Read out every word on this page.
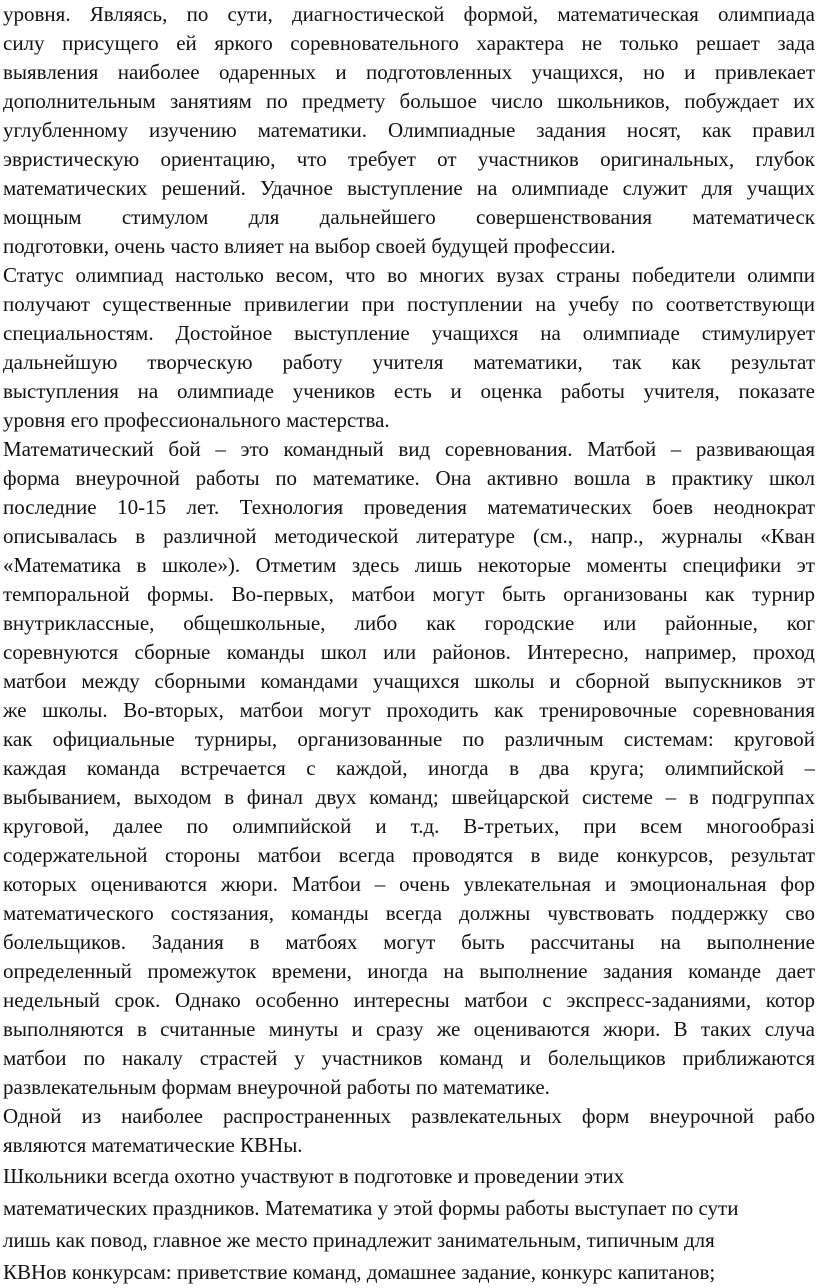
уровня. Являясь, по сути, диагностической формой, математическая олимпиада
силу присущего ей яркого соревновательного характера не только решает зада
выявления наиболее одаренных и подготовленных учащихся, но и привлекает
дополнительным занятиям по предмету большое число школьников, побуждает их
углубленному изучению математики. Олимпиадные задания носят, как правил
эвристическую ориентацию, что требует от участников оригинальных, глубок
математических решений. Удачное выступление на олимпиаде служит для учащих
мощным стимулом для дальнейшего совершенствования математическ
подготовки, очень часто влияет на выбор своей будущей профессии.
Статус олимпиад настолько весом, что во многих вузах страны победители олимпи
получают существенные привилегии при поступлении на учебу по соответствующи
специальностям. Достойное выступление учащихся на олимпиаде стимулирует
дальнейшую творческую работу учителя математики, так как результат
выступления на олимпиаде учеников есть и оценка работы учителя, показате
уровня его профессионального мастерства.
Математический бой – это командный вид соревнования. Матбой – развивающая
форма внеурочной работы по математике. Она активно вошла в практику школ
последние 10-15 лет. Технология проведения математических боев неоднократ
описывалась в различной методической литературе (см., напр., журналы «Кван
«Математика в школе»). Отметим здесь лишь некоторые моменты специфики эт
темпоральной формы. Во-первых, матбои могут быть организованы как турнир
внутриклассные, общешкольные, либо как городские или районные, ког
соревнуются сборные команды школ или районов. Интересно, например, проход
матбои между сборными командами учащихся школы и сборной выпускников эт
же школы. Во-вторых, матбои могут проходить как тренировочные соревнования
как официальные турниры, организованные по различным системам: круговой
каждая команда встречается с каждой, иногда в два круга; олимпийской –
выбыванием, выходом в финал двух команд; швейцарской системе – в подгруппах
круговой, далее по олимпийской и т.д. В-третьих, при всем многообразі
содержательной стороны матбои всегда проводятся в виде конкурсов, результат
которых оцениваются жюри. Матбои – очень увлекательная и эмоциональная фор
математического состязания, команды всегда должны чувствовать поддержку сво
болельщиков. Задания в матбоях могут быть рассчитаны на выполнение
определенный промежуток времени, иногда на выполнение задания команде дает
недельный срок. Однако особенно интересны матбои с экспресс-заданиями, котор
выполняются в считанные минуты и сразу же оцениваются жюри. В таких случа
матбои по накалу страстей у участников команд и болельщиков приближаются
развлекательным формам внеурочной работы по математике.
Одной из наиболее распространенных развлекательных форм внеурочной рабо
являются математические КВНы.
Школьники всегда охотно участвуют в подготовке и проведении этих
математических праздников. Математика у этой формы работы выступает по сути
лишь как повод, главное же место принадлежит занимательным, типичным для
КВНов конкурсам: приветствие команд, домашнее задание, конкурс капитанов;
